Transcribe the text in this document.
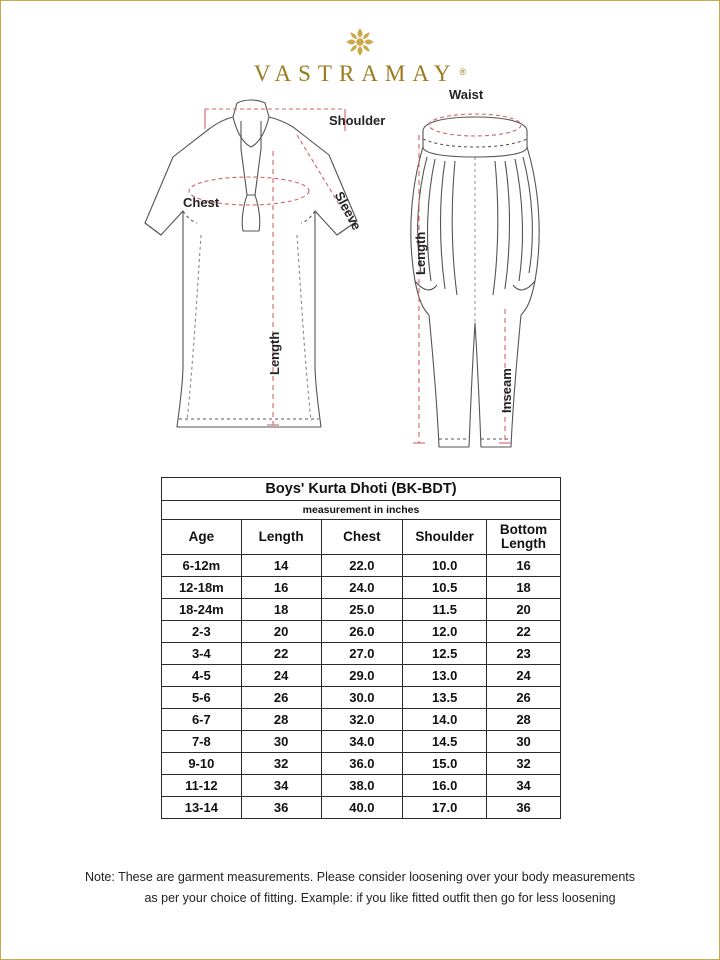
VASTRAMAY ®
Shoulder
Chest	Sleeve
Length
Waist
Length
Inseam
Boys' Kurta Dhoti (BK-BDT)				
measurement in inches				
Age	Length	Chest	Shoulder	Bottom
Length

6-12m	14	22.0	10.0	16
12-18m	16	24.0	10.5	18
18-24m	18	25.0	11.5	20
2-3	20	26.0	12.0	22
3-4	22	27.0	12.5	23
4-5	24	29.0	13.0	24
5-6	26	30.0	13.5	26
6-7	28	32.0	14.0	28
7-8	30	34.0	14.5	30
9-10	32	36.0	15.0	32
11-12	34	38.0	16.0	34
13-14	36	40.0	17.0	36
Note: These are garment measurements. Please consider loosening over your body measurements
as per your choice of fitting. Example: if you like fitted outfit then go for less loosening
